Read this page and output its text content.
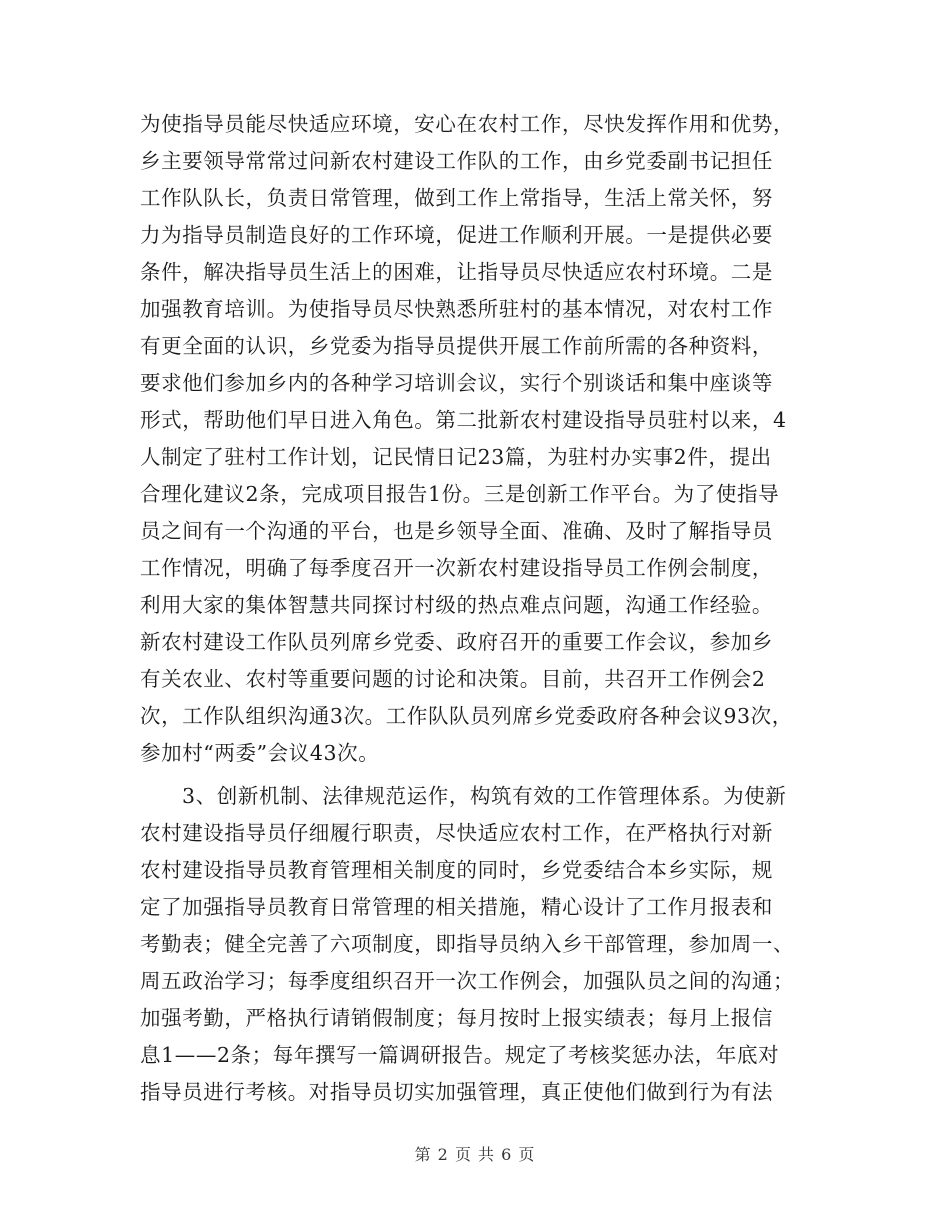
为使指导员能尽快适应环境，安心在农村工作，尽快发挥作用和优势，
乡主要领导常常过问新农村建设工作队的工作，由乡党委副书记担任
工作队队长，负责日常管理，做到工作上常指导，生活上常关怀，努
力为指导员制造良好的工作环境，促进工作顺利开展。一是提供必要
条件，解决指导员生活上的困难，让指导员尽快适应农村环境。二是
加强教育培训。为使指导员尽快熟悉所驻村的基本情况，对农村工作
有更全面的认识，乡党委为指导员提供开展工作前所需的各种资料，
要求他们参加乡内的各种学习培训会议，实行个别谈话和集中座谈等
形式，帮助他们早日进入角色。第二批新农村建设指导员驻村以来，4
人制定了驻村工作计划，记民情日记23篇，为驻村办实事2件，提出
合理化建议2条，完成项目报告1份。三是创新工作平台。为了使指导
员之间有一个沟通的平台，也是乡领导全面、准确、及时了解指导员
工作情况，明确了每季度召开一次新农村建设指导员工作例会制度，
利用大家的集体智慧共同探讨村级的热点难点问题，沟通工作经验。
新农村建设工作队员列席乡党委、政府召开的重要工作会议，参加乡
有关农业、农村等重要问题的讨论和决策。目前，共召开工作例会2
次，工作队组织沟通3次。工作队队员列席乡党委政府各种会议93次，
参加村“两委”会议43次。
3、创新机制、法律规范运作，构筑有效的工作管理体系。为使新
农村建设指导员仔细履行职责，尽快适应农村工作，在严格执行对新
农村建设指导员教育管理相关制度的同时，乡党委结合本乡实际，规
定了加强指导员教育日常管理的相关措施，精心设计了工作月报表和
考勤表；健全完善了六项制度，即指导员纳入乡干部管理，参加周一、
周五政治学习；每季度组织召开一次工作例会，加强队员之间的沟通；
加强考勤，严格执行请销假制度；每月按时上报实绩表；每月上报信
息1——2条；每年撰写一篇调研报告。规定了考核奖惩办法，年底对
指导员进行考核。对指导员切实加强管理，真正使他们做到行为有法
第 2 页 共 6 页
